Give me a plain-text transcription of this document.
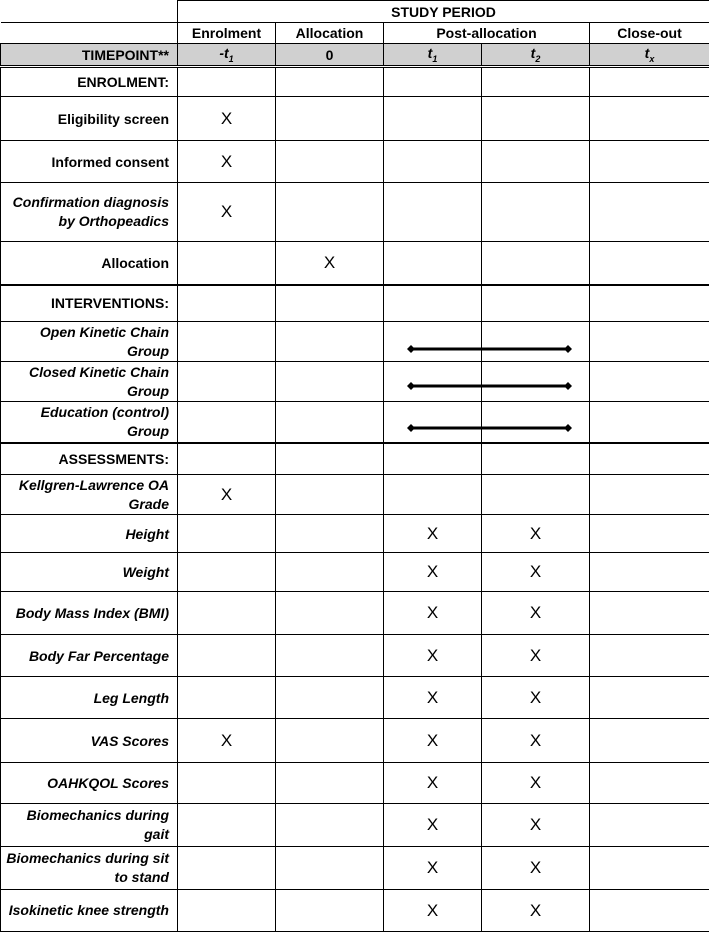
	STUDY PERIOD				
	Enrolment	Allocation	Post-allocation		Close-out
TIMEPOINT**	$-t_1$	0	$t_1$	$t_2$	$t_x$
ENROLMENT:					
Eligibility screen	X				
Informed consent	X				
Confirmation diagnosis by Orthopeadics	X				
Allocation		X			
INTERVENTIONS:					
Open Kinetic Chain Group					
Closed Kinetic Chain Group					
Education (control) Group					
ASSESSMENTS:					
Kellgren-Lawrence OA Grade	X				
Height			X	X	
Weight			X	X	
Body Mass Index (BMI)			X	X	
Body Far Percentage			X	X	
Leg Length			X	X	
VAS Scores	X		X	X	
OAHKQOL Scores			X	X	
Biomechanics during gait			X	X	
Biomechanics during sit to stand			X	X	
Isokinetic knee strength			X	X	
